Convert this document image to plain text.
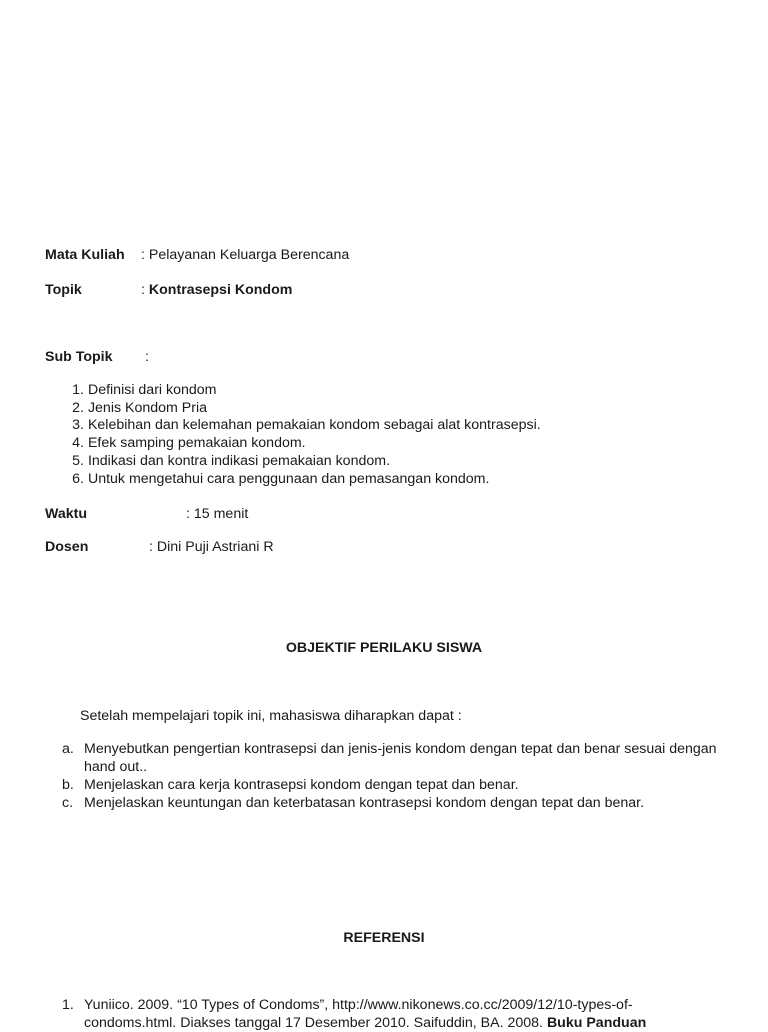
Mata Kuliah : Pelayanan Keluarga Berencana
Topik	: Kontrasepsi Kondom
Sub Topik :
1. Definisi dari kondom
2. Jenis Kondom Pria
3. Kelebihan dan kelemahan pemakaian kondom sebagai alat kontrasepsi.
4. Efek samping pemakaian kondom.
5. Indikasi dan kontra indikasi pemakaian kondom.
6. Untuk mengetahui cara penggunaan dan pemasangan kondom.
Waktu	: 15 menit
Dosen	: Dini Puji Astriani R
OBJEKTIF PERILAKU SISWA
Setelah mempelajari topik ini, mahasiswa diharapkan dapat :
a. Menyebutkan pengertian kontrasepsi dan jenis-jenis kondom dengan tepat dan benar sesuai dengan hand out..
b. Menjelaskan cara kerja kontrasepsi kondom dengan tepat dan benar.
c. Menjelaskan keuntungan dan keterbatasan kontrasepsi kondom dengan tepat dan benar.
REFERENSI
1. Yuniico. 2009. “10 Types of Condoms”, http://www.nikonews.co.cc/2009/12/10-types-of-condoms.html. Diakses tanggal 17 Desember 2010. Saifuddin, BA. 2008. Buku Panduan
